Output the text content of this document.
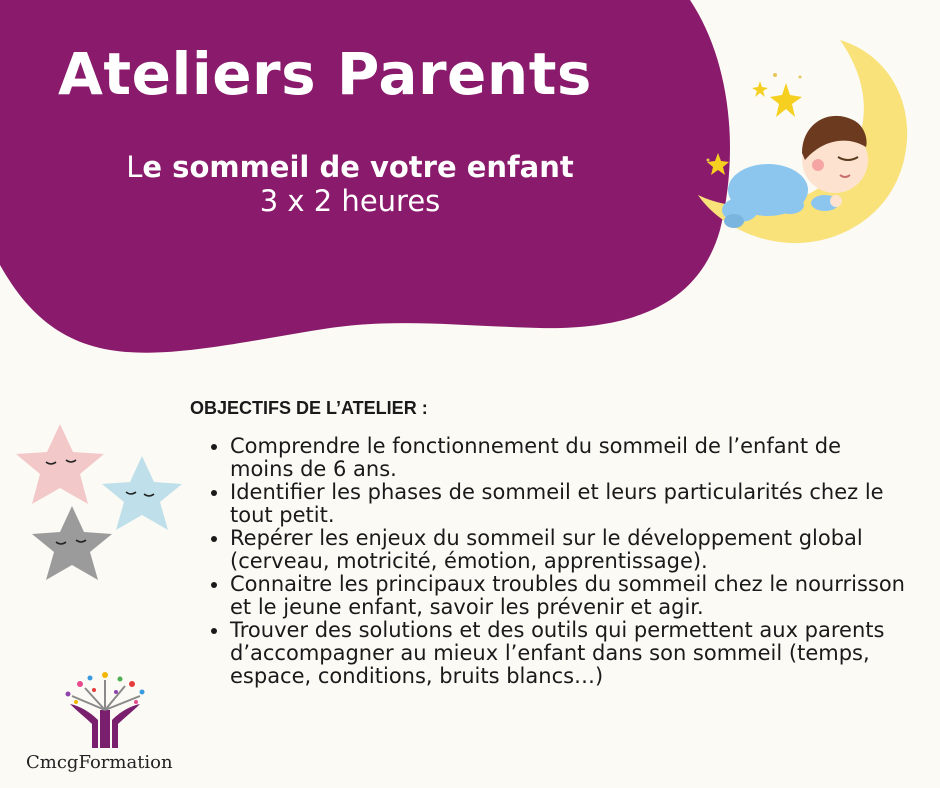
Ateliers Parents
Le sommeil de votre enfant
3 x 2 heures
OBJECTIFS DE L’ATELIER :
• Comprendre le fonctionnement du sommeil de l’enfant de moins de 6 ans.
• Identifier les phases de sommeil et leurs particularités chez le tout petit.
• Repérer les enjeux du sommeil sur le développement global (cerveau, motricité, émotion, apprentissage).
• Connaitre les principaux troubles du sommeil chez le nourrisson et le jeune enfant, savoir les prévenir et agir.
• Trouver des solutions et des outils qui permettent aux parents d’accompagner au mieux l’enfant dans son sommeil (temps, espace, conditions, bruits blancs…)
CmcgFormation
